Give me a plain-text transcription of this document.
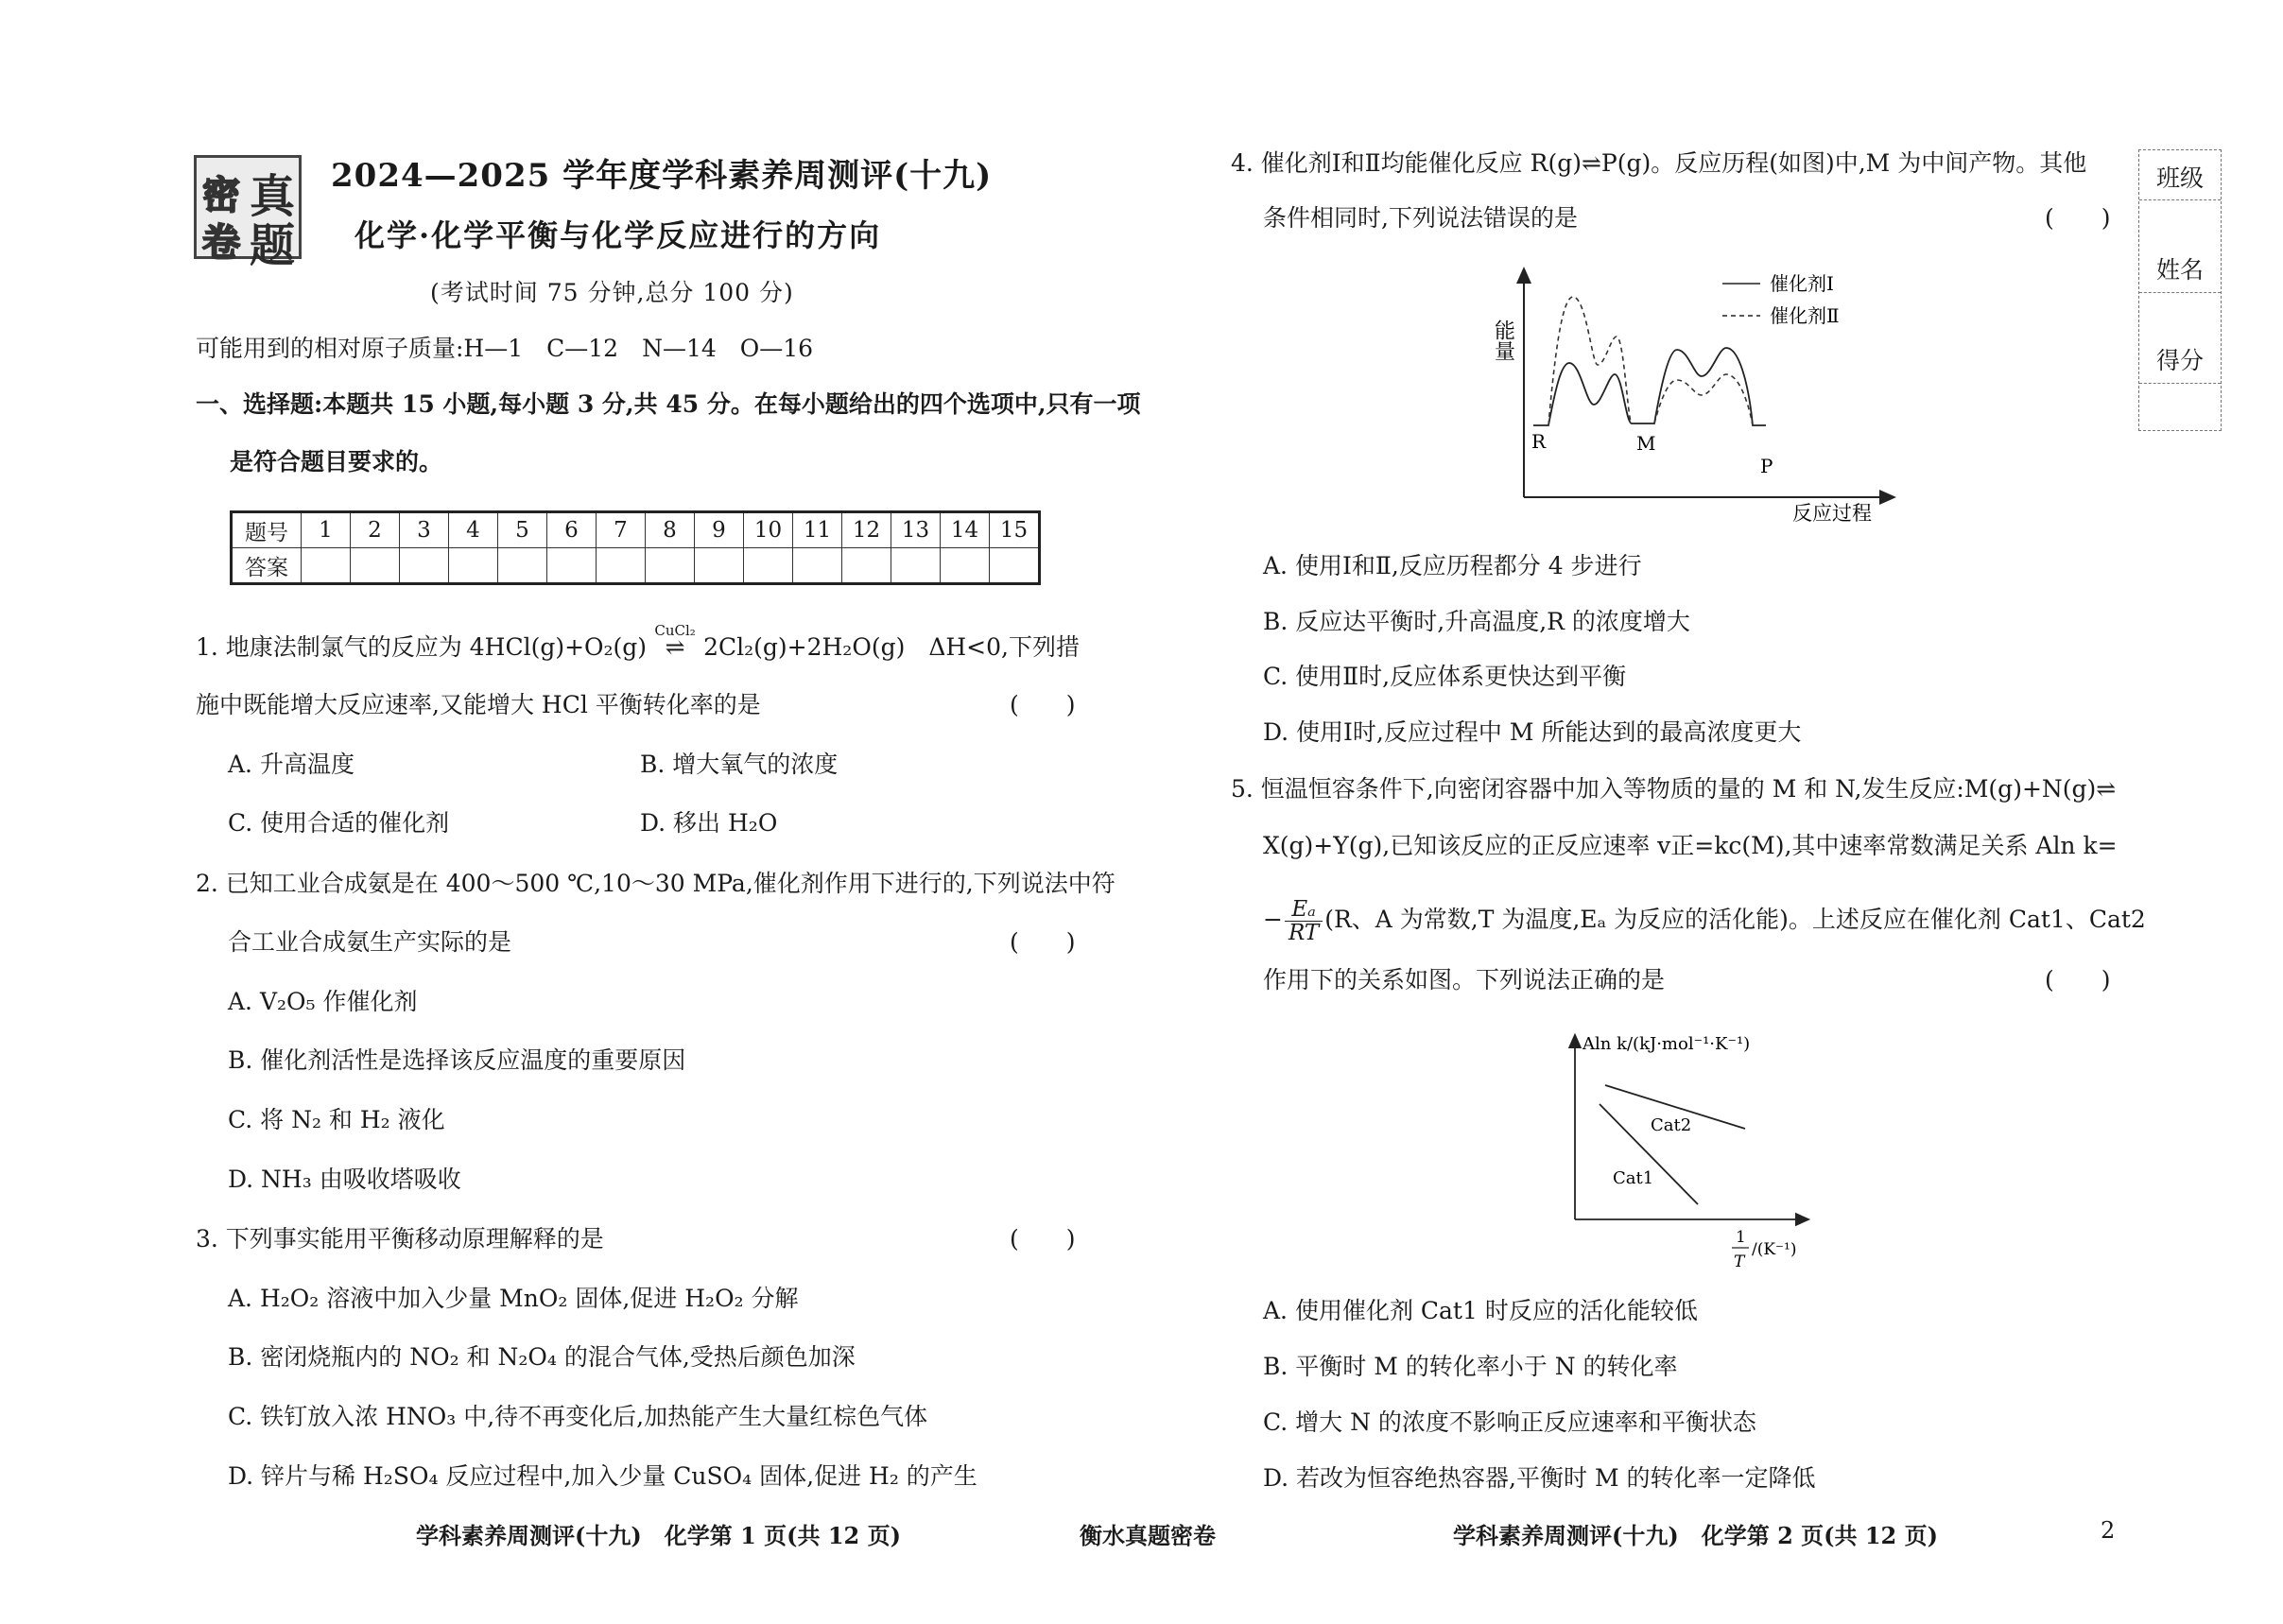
密 真
卷 题
2024—2025 学年度学科素养周测评(十九)
化学·化学平衡与化学反应进行的方向
(考试时间 75 分钟,总分 100 分)
可能用到的相对原子质量:H—1　C—12　N—14　O—16
一、选择题:本题共 15 小题,每小题 3 分,共 45 分。在每小题给出的四个选项中,只有一项
是符合题目要求的。
题号	1	2	3	4	5	6	7	8	9	10	11	12	13	14	15
答案															
1. 地康法制氯气的反应为 4HCl(g)+O₂(g)
CuCl₂
⇌ 2Cl₂(g)+2H₂O(g)　ΔH<0,下列措
施中既能增大反应速率,又能增大 HCl 平衡转化率的是	(　　)
A. 升高温度	B. 增大氧气的浓度
C. 使用合适的催化剂	D. 移出 H₂O
2. 已知工业合成氨是在 400～500 ℃,10～30 MPa,催化剂作用下进行的,下列说法中符
合工业合成氨生产实际的是	(　　)
A. V₂O₅ 作催化剂
B. 催化剂活性是选择该反应温度的重要原因
C. 将 N₂ 和 H₂ 液化
D. NH₃ 由吸收塔吸收
3. 下列事实能用平衡移动原理解释的是	(　　)
A. H₂O₂ 溶液中加入少量 MnO₂ 固体,促进 H₂O₂ 分解
B. 密闭烧瓶内的 NO₂ 和 N₂O₄ 的混合气体,受热后颜色加深
C. 铁钉放入浓 HNO₃ 中,待不再变化后,加热能产生大量红棕色气体
D. 锌片与稀 H₂SO₄ 反应过程中,加入少量 CuSO₄ 固体,促进 H₂ 的产生
4. 催化剂Ⅰ和Ⅱ均能催化反应 R(g)⇌P(g)。反应历程(如图)中,M 为中间产物。其他
条件相同时,下列说法错误的是	(　　)
能量
反应过程
催化剂Ⅰ
催化剂Ⅱ
R	M
P
A. 使用Ⅰ和Ⅱ,反应历程都分 4 步进行
B. 反应达平衡时,升高温度,R 的浓度增大
C. 使用Ⅱ时,反应体系更快达到平衡
D. 使用Ⅰ时,反应过程中 M 所能达到的最高浓度更大
5. 恒温恒容条件下,向密闭容器中加入等物质的量的 M 和 N,发生反应:M(g)+N(g)⇌
X(g)+Y(g),已知该反应的正反应速率 v正=kc(M),其中速率常数满足关系 Aln k=
− $\frac{\text{Eₐ}}{RT} (R$、A 为常数,T 为温度,Eₐ 为反应的活化能)。上述反应在催化剂 Cat1、Cat2
作用下的关系如图。下列说法正确的是	(　　)
Aln k/(kJ·mol⁻¹·K⁻¹)
Cat2
Cat1
1
T
/(K⁻¹)
A. 使用催化剂 Cat1 时反应的活化能较低
B. 平衡时 M 的转化率小于 N 的转化率
C. 增大 N 的浓度不影响正反应速率和平衡状态
D. 若改为恒容绝热容器,平衡时 M 的转化率一定降低
班级
姓名
得分
学科素养周测评(十九)　化学第 1 页(共 12 页)	衡水真题密卷	学科素养周测评(十九)　化学第 2 页(共 12 页)	2
